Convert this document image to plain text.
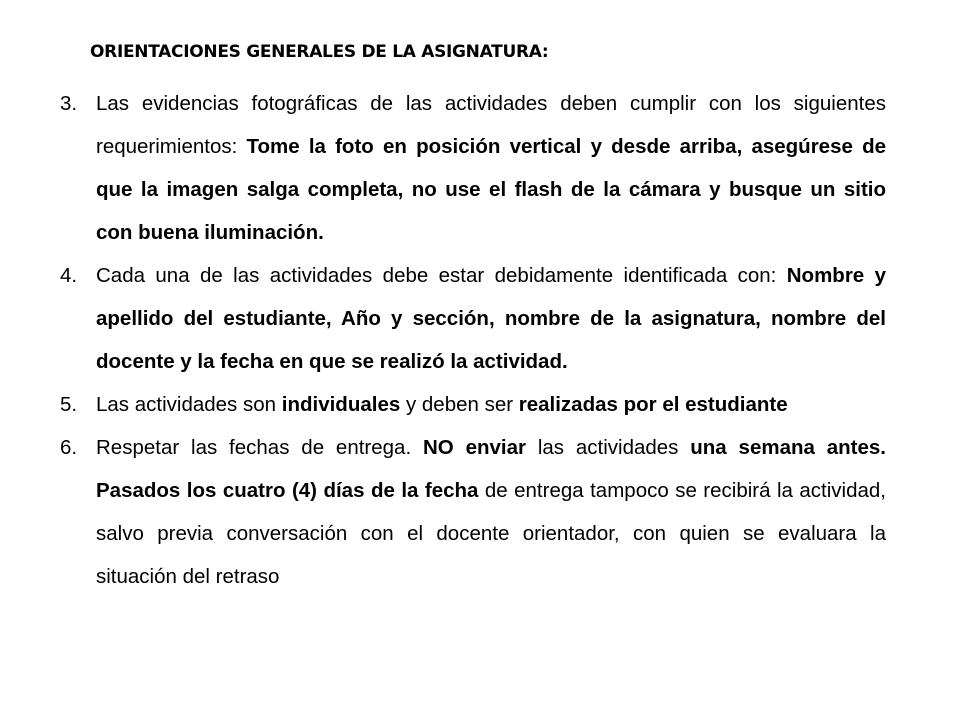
ORIENTACIONES GENERALES DE LA ASIGNATURA:
3. Las evidencias fotográficas de las actividades deben cumplir con los siguientes requerimientos: Tome la foto en posición vertical y desde arriba, asegúrese de que la imagen salga completa, no use el flash de la cámara y busque un sitio con buena iluminación.
4. Cada una de las actividades debe estar debidamente identificada con: Nombre y apellido del estudiante, Año y sección, nombre de la asignatura, nombre del docente y la fecha en que se realizó la actividad.
5. Las actividades son individuales y deben ser realizadas por el estudiante
6. Respetar las fechas de entrega. NO enviar las actividades una semana antes. Pasados los cuatro (4) días de la fecha de entrega tampoco se recibirá la actividad, salvo previa conversación con el docente orientador, con quien se evaluara la situación del retraso
